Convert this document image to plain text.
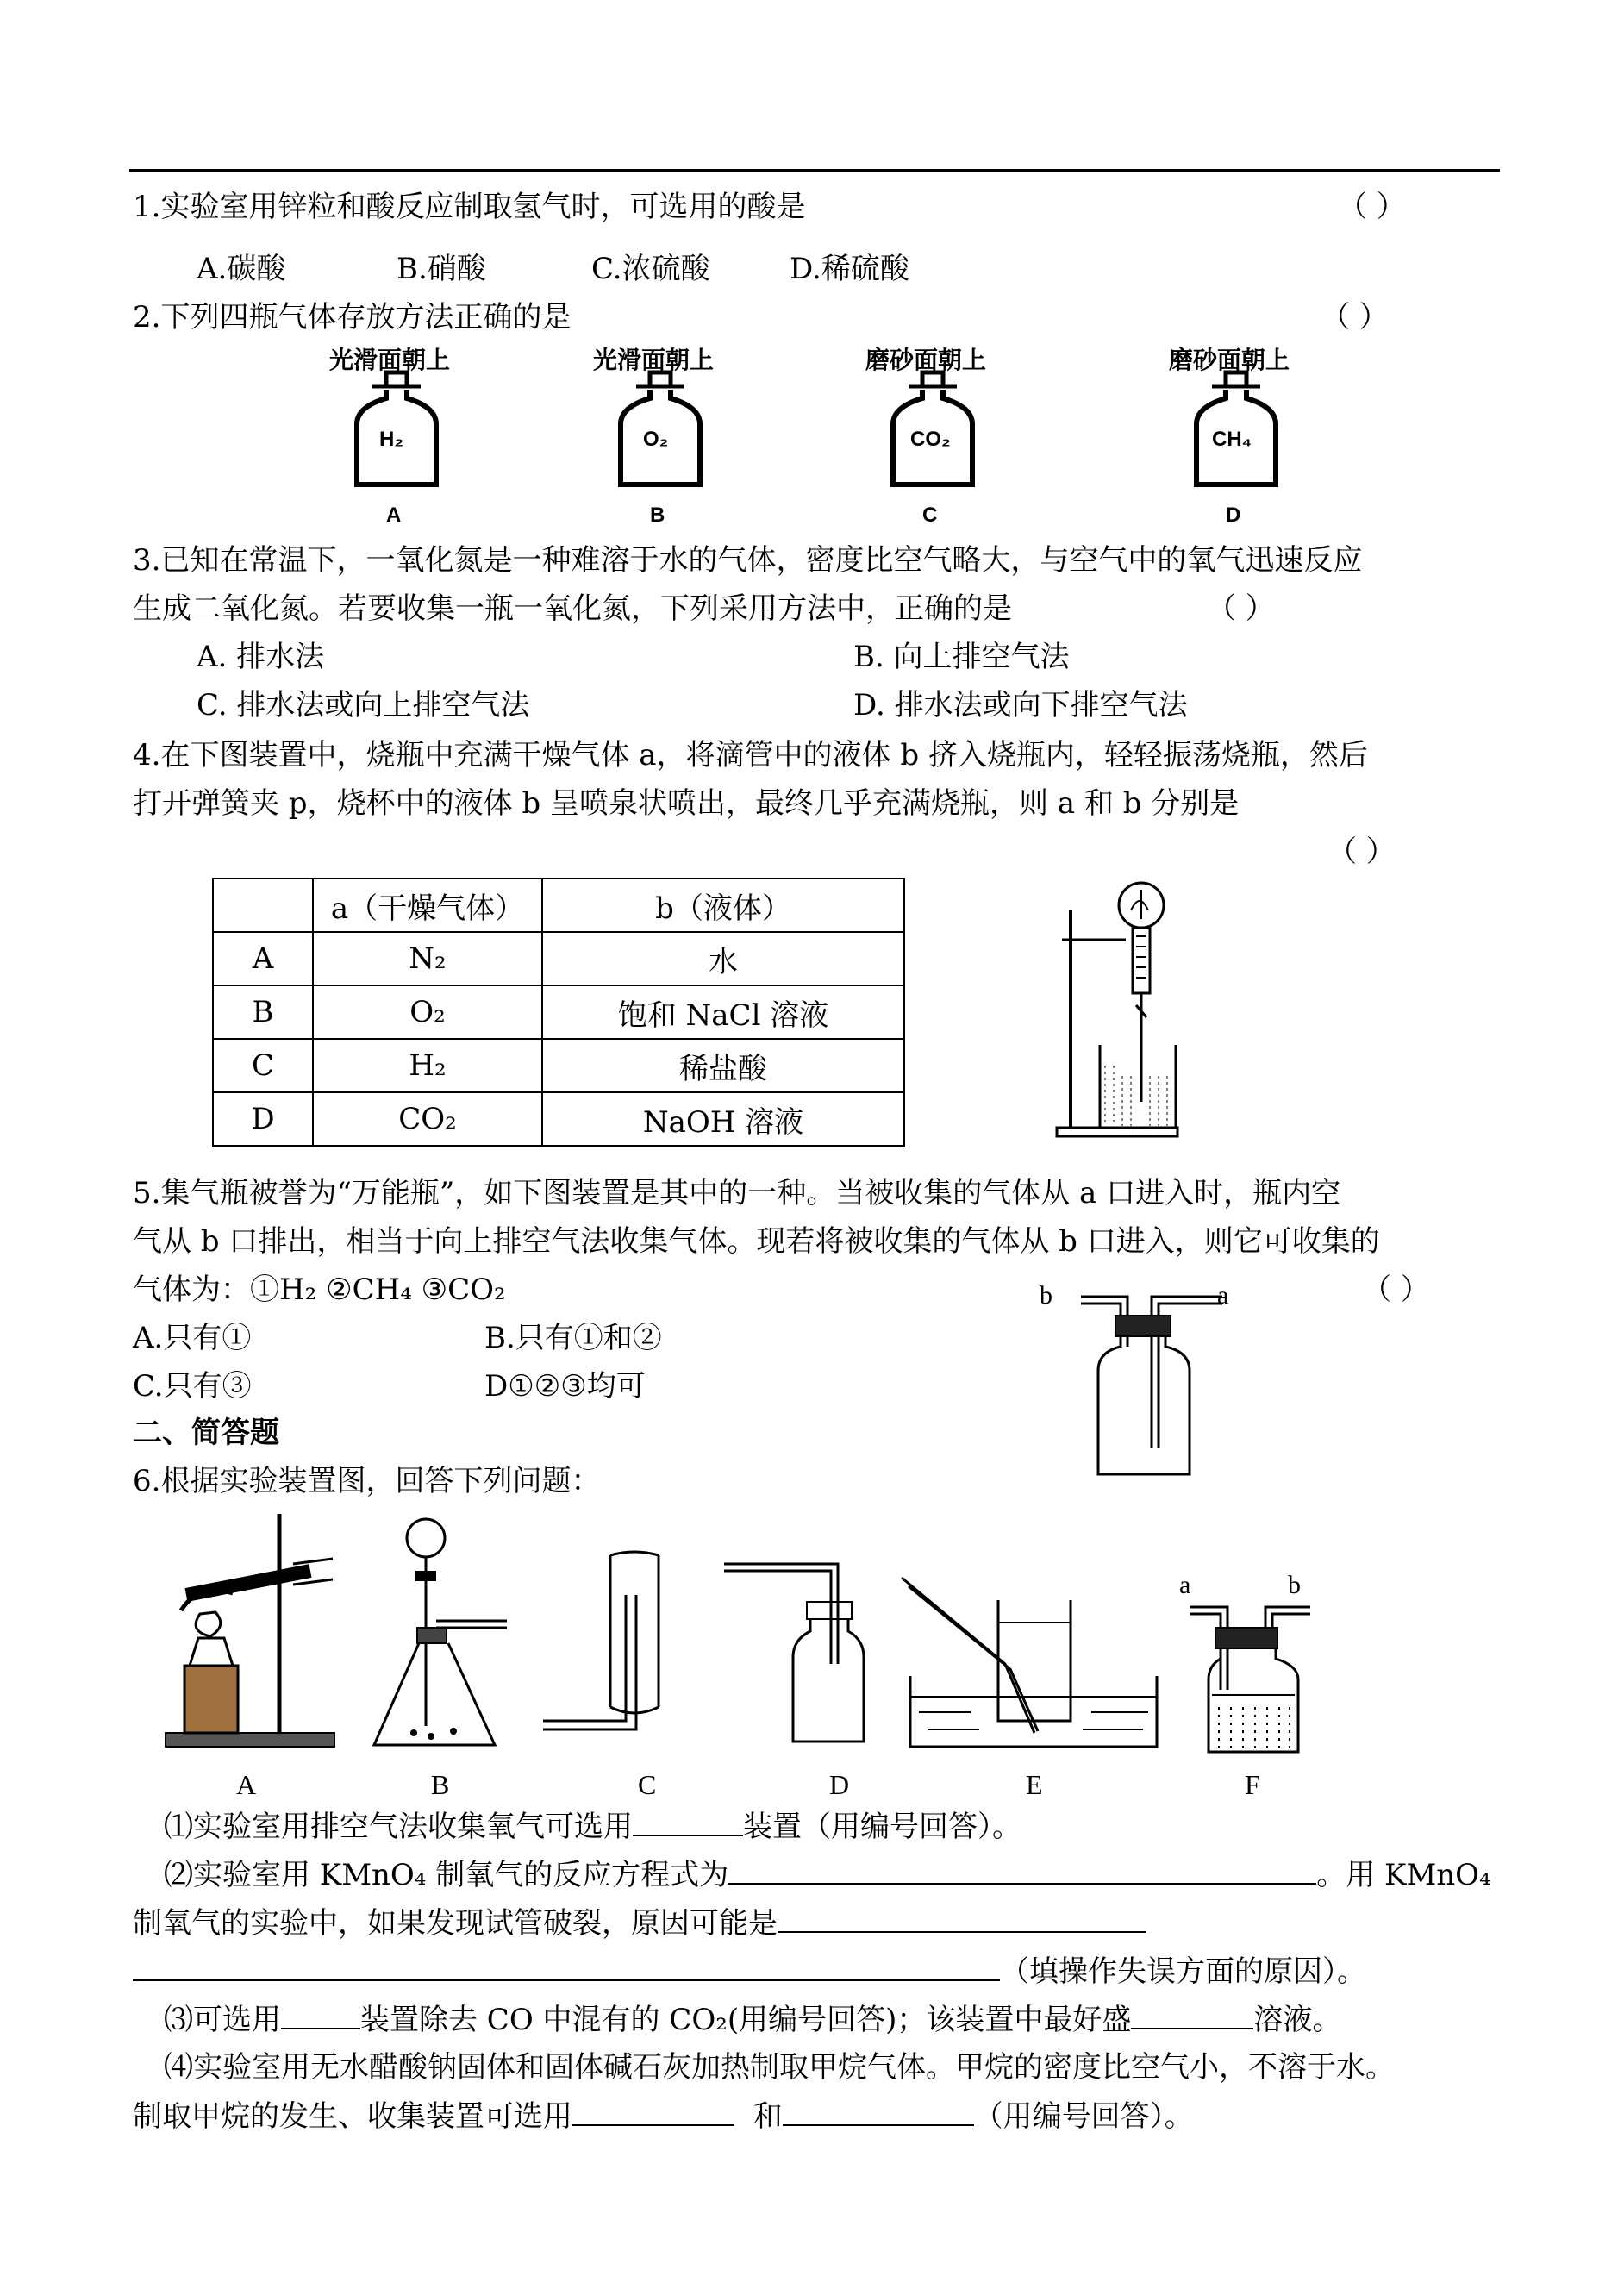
1.实验室用锌粒和酸反应制取氢气时，可选用的酸是	（ ）
A.碳酸	B.硝酸	C.浓硫酸	D.稀硫酸
2.下列四瓶气体存放方法正确的是	（ ）
光滑面朝上
H₂
A
光滑面朝上
O₂
B
磨砂面朝上
CO₂
C
磨砂面朝上
CH₄
D
3.已知在常温下，一氧化氮是一种难溶于水的气体，密度比空气略大，与空气中的氧气迅速反应
生成二氧化氮。若要收集一瓶一氧化氮，下列采用方法中，正确的是	（ ）
A. 排水法	B. 向上排空气法
C. 排水法或向上排空气法	D. 排水法或向下排空气法
4.在下图装置中，烧瓶中充满干燥气体 a，将滴管中的液体 b 挤入烧瓶内，轻轻振荡烧瓶，然后
打开弹簧夹 p，烧杯中的液体 b 呈喷泉状喷出，最终几乎充满烧瓶，则 a 和 b 分别是
（ ）
	a（干燥气体）	b（液体）
A	N₂	水
B	O₂	饱和 NaCl 溶液
C	H₂	稀盐酸
D	CO₂	NaOH 溶液
5.集气瓶被誉为“万能瓶”，如下图装置是其中的一种。当被收集的气体从 a 口进入时，瓶内空
气从 b 口排出，相当于向上排空气法收集气体。现若将被收集的气体从 b 口进入，则它可收集的
气体为：①H₂ ②CH₄ ③CO₂	（ ）
A.只有①	B.只有①和②
C.只有③	D①②③均可
b	a
二、简答题
6.根据实验装置图，回答下列问题：
a	b
A	B	C	D	E	F
⑴实验室用排空气法收集氧气可选用	装置（用编号回答）。
⑵实验室用 KMnO₄ 制氧气的反应方程式为	。用 KMnO₄
制氧气的实验中，如果发现试管破裂，原因可能是
（填操作失误方面的原因）。
⑶可选用	装置除去 CO 中混有的 CO₂(用编号回答)；该装置中最好盛	溶液。
⑷实验室用无水醋酸钠固体和固体碱石灰加热制取甲烷气体。甲烷的密度比空气小，不溶于水。
制取甲烷的发生、收集装置可选用	和	（用编号回答）。
